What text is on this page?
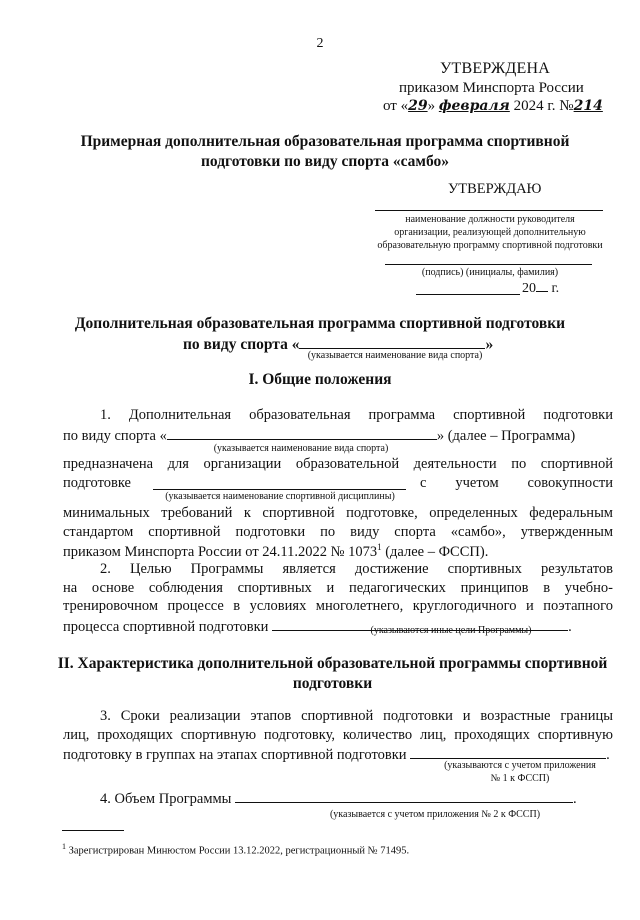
2
УТВЕРЖДЕНА
приказом Минспорта России
от «29» февраля 2024 г. №214
Примерная дополнительная образовательная программа спортивной
подготовки по виду спорта «самбо»
УТВЕРЖДАЮ
наименование должности руководителя
организации, реализующей дополнительную
образовательную программу спортивной подготовки
(подпись) (инициалы, фамилия)
20 г.
Дополнительная образовательная программа спортивной подготовки
по виду спорта «	»
(указывается наименование вида спорта)
I. Общие положения
1. Дополнительная образовательная программа спортивной подготовки
по виду спорта «	» (далее – Программа)
(указывается наименование вида спорта)
предназначена для организации образовательной деятельности по спортивной
подготовке	с учетом совокупности
(указывается наименование спортивной дисциплины)
минимальных требований к спортивной подготовке, определенных федеральным
стандартом спортивной подготовки по виду спорта «самбо», утвержденным
приказом Минспорта России от 24.11.2022 № 1073$^1$ (далее – ФССП).
2. Целью Программы является достижение спортивных результатов
на основе соблюдения спортивных и педагогических принципов в учебно-
тренировочном процессе в условиях многолетнего, круглогодичного и поэтапного
процесса спортивной подготовки	.
(указываются иные цели Программы)
II. Характеристика дополнительной образовательной программы спортивной
подготовки
3. Сроки реализации этапов спортивной подготовки и возрастные границы
лиц, проходящих спортивную подготовку, количество лиц, проходящих спортивную
подготовку в группах на этапах спортивной подготовки	.
(указываются с учетом приложения
№ 1 к ФССП)
4. Объем Программы	.
(указывается с учетом приложения № 2 к ФССП)
$^1$ Зарегистрирован Минюстом России 13.12.2022, регистрационный № 71495.
